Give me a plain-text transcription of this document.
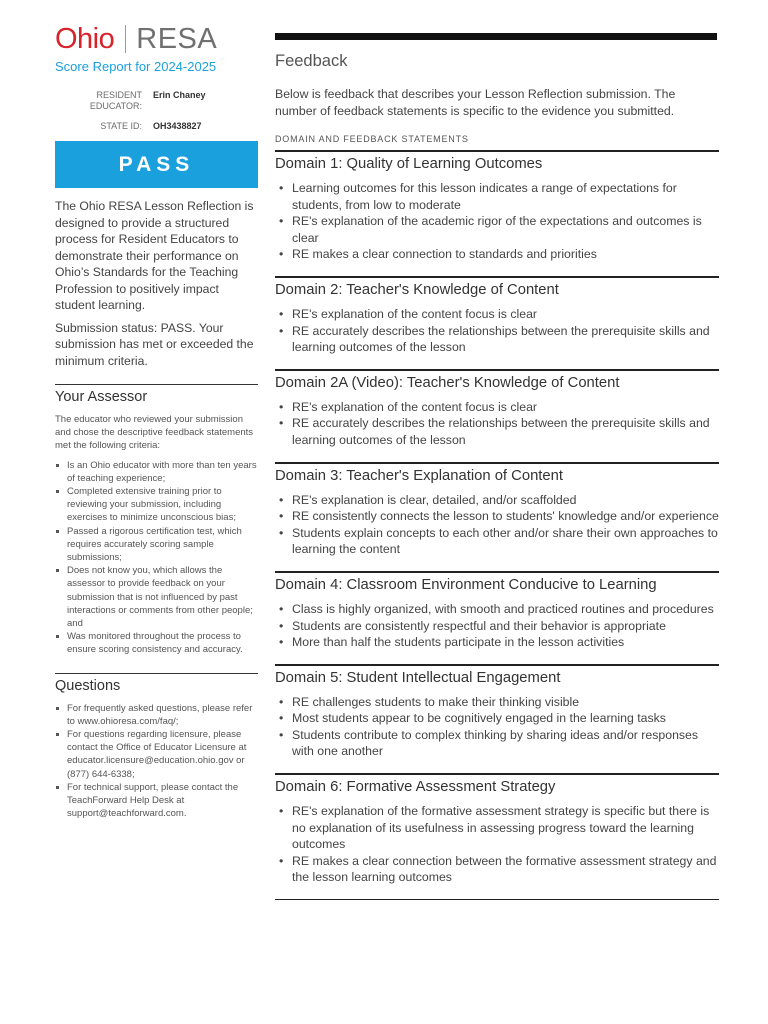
Ohio RESA
Score Report for 2024-2025
RESIDENT EDUCATOR:
Erin Chaney
STATE ID:	OH3438827
PASS
The Ohio RESA Lesson Reflection is designed to provide a structured process for Resident Educators to demonstrate their performance on Ohio’s Standards for the Teaching Profession to positively impact student learning.
Submission status: PASS. Your submission has met or exceeded the minimum criteria.
Your Assessor
The educator who reviewed your submission and chose the descriptive feedback statements met the following criteria:
Is an Ohio educator with more than ten years of teaching experience;
Completed extensive training prior to reviewing your submission, including exercises to minimize unconscious bias;
Passed a rigorous certification test, which requires accurately scoring sample submissions;
Does not know you, which allows the assessor to provide feedback on your submission that is not influenced by past interactions or comments from other people; and
Was monitored throughout the process to ensure scoring consistency and accuracy.
Questions
For frequently asked questions, please refer to www.ohioresa.com/faq/;
For questions regarding licensure, please contact the Office of Educator Licensure at educator.licensure@education.ohio.gov or (877) 644-6338;
For technical support, please contact the TeachForward Help Desk at support@teachforward.com.
Feedback
Below is feedback that describes your Lesson Reflection submission. The number of feedback statements is specific to the evidence you submitted.
DOMAIN AND FEEDBACK STATEMENTS
Domain 1: Quality of Learning Outcomes
• Learning outcomes for this lesson indicates a range of expectations for students, from low to moderate
• RE's explanation of the academic rigor of the expectations and outcomes is clear
• RE makes a clear connection to standards and priorities
Domain 2: Teacher's Knowledge of Content
• RE's explanation of the content focus is clear
• RE accurately describes the relationships between the prerequisite skills and learning outcomes of the lesson
Domain 2A (Video): Teacher's Knowledge of Content
• RE's explanation of the content focus is clear
• RE accurately describes the relationships between the prerequisite skills and learning outcomes of the lesson
Domain 3: Teacher's Explanation of Content
• RE's explanation is clear, detailed, and/or scaffolded
• RE consistently connects the lesson to students' knowledge and/or experience
• Students explain concepts to each other and/or share their own approaches to learning the content
Domain 4: Classroom Environment Conducive to Learning
• Class is highly organized, with smooth and practiced routines and procedures
• Students are consistently respectful and their behavior is appropriate
• More than half the students participate in the lesson activities
Domain 5: Student Intellectual Engagement
• RE challenges students to make their thinking visible
• Most students appear to be cognitively engaged in the learning tasks
• Students contribute to complex thinking by sharing ideas and/or responses with one another
Domain 6: Formative Assessment Strategy
• RE's explanation of the formative assessment strategy is specific but there is no explanation of its usefulness in assessing progress toward the learning outcomes
• RE makes a clear connection between the formative assessment strategy and the lesson learning outcomes
